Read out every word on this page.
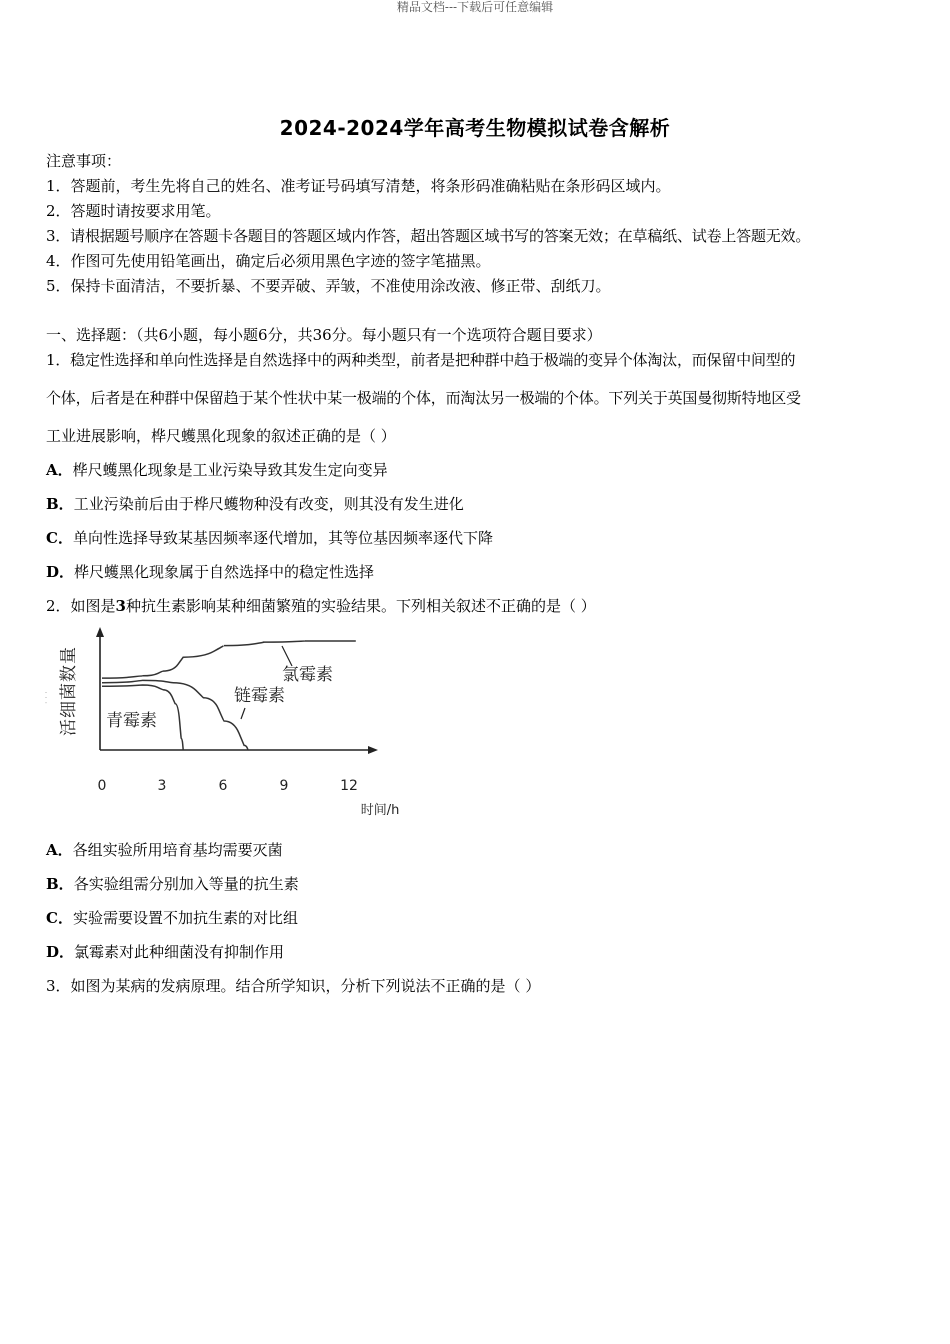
精品文档---下载后可任意编辑
2024-2024学年高考生物模拟试卷含解析
注意事项：
1．答题前，考生先将自己的姓名、准考证号码填写清楚，将条形码准确粘贴在条形码区域内。
2．答题时请按要求用笔。
3．请根据题号顺序在答题卡各题目的答题区域内作答，超出答题区域书写的答案无效；在草稿纸、试卷上答题无效。
4．作图可先使用铅笔画出，确定后必须用黑色字迹的签字笔描黑。
5．保持卡面清洁，不要折暴、不要弄破、弄皱，不准使用涂改液、修正带、刮纸刀。
一、选择题：（共6小题，每小题6分，共36分。每小题只有一个选项符合题目要求）
1．稳定性选择和单向性选择是自然选择中的两种类型，前者是把种群中趋于极端的变异个体淘汰，而保留中间型的
个体，后者是在种群中保留趋于某个性状中某一极端的个体，而淘汰另一极端的个体。下列关于英国曼彻斯特地区受
工业进展影响，桦尺蠖黑化现象的叙述正确的是（ ）
A．桦尺蠖黑化现象是工业污染导致其发生定向变异
B．工业污染前后由于桦尺蠖物种没有改变，则其没有发生进化
C．单向性选择导致某基因频率逐代增加，其等位基因频率逐代下降
D．桦尺蠖黑化现象属于自然选择中的稳定性选择
2．如图是3种抗生素影响某种细菌繁殖的实验结果。下列相关叙述不正确的是（ ）
· · · 活细菌数量
0	3	6	9	12
时间/h
氯霉素
链霉素
青霉素
A．各组实验所用培育基均需要灭菌
B．各实验组需分别加入等量的抗生素
C．实验需要设置不加抗生素的对比组
D．氯霉素对此种细菌没有抑制作用
3．如图为某病的发病原理。结合所学知识，分析下列说法不正确的是（ ）
